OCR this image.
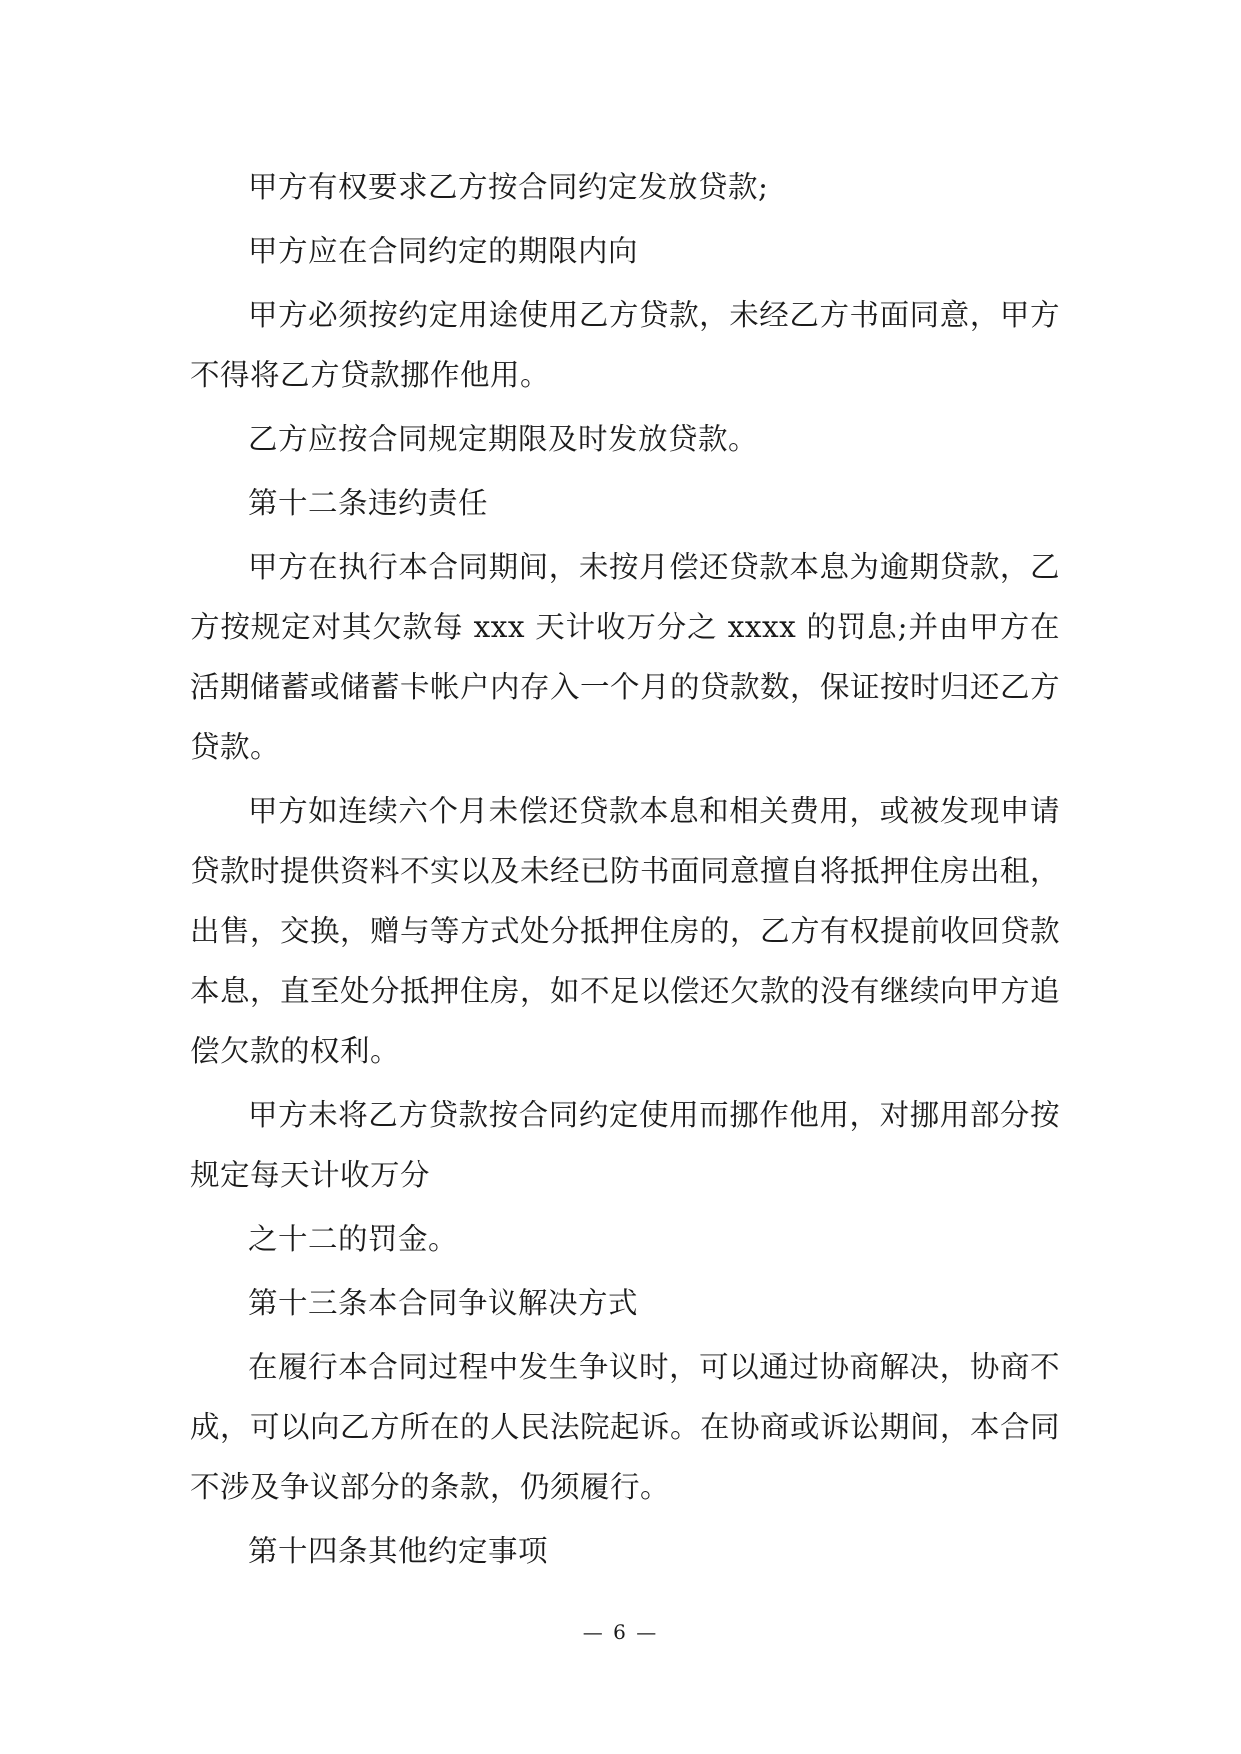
甲方有权要求乙方按合同约定发放贷款;

甲方应在合同约定的期限内向

甲方必须按约定用途使用乙方贷款，未经乙方书面同意，甲方不得将乙方贷款挪作他用。

乙方应按合同规定期限及时发放贷款。

第十二条违约责任

甲方在执行本合同期间，未按月偿还贷款本息为逾期贷款，乙方按规定对其欠款每 xxx 天计收万分之 xxxx 的罚息;并由甲方在活期储蓄或储蓄卡帐户内存入一个月的贷款数，保证按时归还乙方贷款。

甲方如连续六个月未偿还贷款本息和相关费用，或被发现申请贷款时提供资料不实以及未经已防书面同意擅自将抵押住房出租，出售，交换，赠与等方式处分抵押住房的，乙方有权提前收回贷款本息，直至处分抵押住房，如不足以偿还欠款的没有继续向甲方追偿欠款的权利。

甲方未将乙方贷款按合同约定使用而挪作他用，对挪用部分按规定每天计收万分

之十二的罚金。

第十三条本合同争议解决方式

在履行本合同过程中发生争议时，可以通过协商解决，协商不成，可以向乙方所在的人民法院起诉。在协商或诉讼期间，本合同不涉及争议部分的条款，仍须履行。

第十四条其他约定事项

— 6 —
